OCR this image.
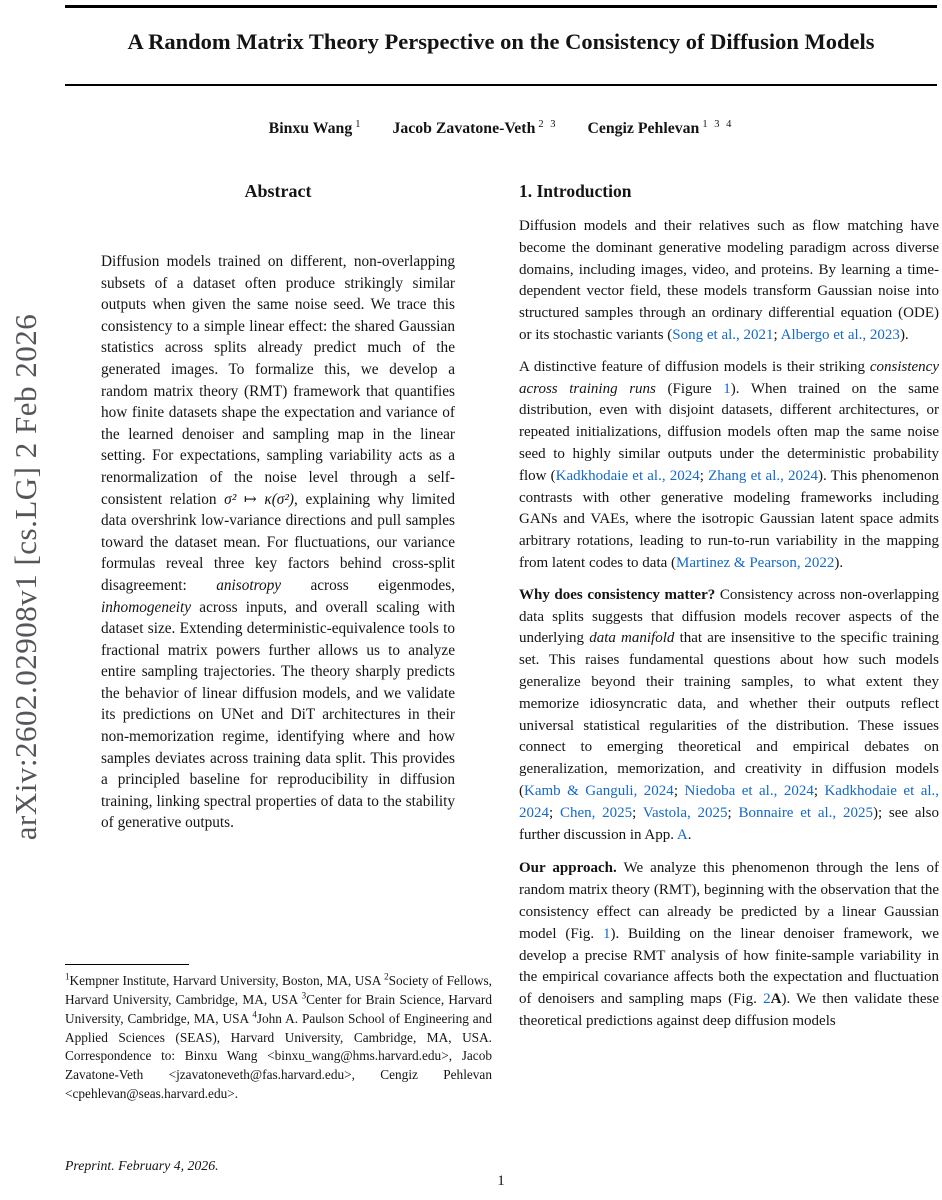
arXiv:2602.02908v1 [cs.LG] 2 Feb 2026
A Random Matrix Theory Perspective on the Consistency of Diffusion Models
Binxu Wang $^1$ Jacob Zavatone-Veth $^{2 3}$ Cengiz Pehlevan $^{1 3 4}$
Abstract

Diffusion models trained on different, non-overlapping subsets of a dataset often produce strikingly similar outputs when given the same noise seed. We trace this consistency to a simple linear effect: the shared Gaussian statistics across splits already predict much of the generated images. To formalize this, we develop a random matrix theory (RMT) framework that quantifies how finite datasets shape the expectation and variance of the learned denoiser and sampling map in the linear setting. For expectations, sampling variability acts as a renormalization of the noise level through a self-consistent relation σ² ↦ κ(σ²), explaining why limited data overshrink low-variance directions and pull samples toward the dataset mean. For fluctuations, our variance formulas reveal three key factors behind cross-split disagreement: anisotropy across eigenmodes, inhomogeneity across inputs, and overall scaling with dataset size. Extending deterministic-equivalence tools to fractional matrix powers further allows us to analyze entire sampling trajectories. The theory sharply predicts the behavior of linear diffusion models, and we validate its predictions on UNet and DiT architectures in their non-memorization regime, identifying where and how samples deviates across training data split. This provides a principled baseline for reproducibility in diffusion training, linking spectral properties of data to the stability of generative outputs.

1. Introduction

Diffusion models and their relatives such as flow matching have become the dominant generative modeling paradigm across diverse domains, including images, video, and proteins. By learning a time-dependent vector field, these models transform Gaussian noise into structured samples through an ordinary differential equation (ODE) or its stochastic variants (Song et al., 2021; Albergo et al., 2023).

A distinctive feature of diffusion models is their striking consistency across training runs (Figure 1). When trained on the same distribution, even with disjoint datasets, different architectures, or repeated initializations, diffusion models often map the same noise seed to highly similar outputs under the deterministic probability flow (Kadkhodaie et al., 2024; Zhang et al., 2024). This phenomenon contrasts with other generative modeling frameworks including GANs and VAEs, where the isotropic Gaussian latent space admits arbitrary rotations, leading to run-to-run variability in the mapping from latent codes to data (Martinez & Pearson, 2022).

Why does consistency matter? Consistency across non-overlapping data splits suggests that diffusion models recover aspects of the underlying data manifold that are insensitive to the specific training set. This raises fundamental questions about how such models generalize beyond their training samples, to what extent they memorize idiosyncratic data, and whether their outputs reflect universal statistical regularities of the distribution. These issues connect to emerging theoretical and empirical debates on generalization, memorization, and creativity in diffusion models (Kamb & Ganguli, 2024; Niedoba et al., 2024; Kadkhodaie et al., 2024; Chen, 2025; Vastola, 2025; Bonnaire et al., 2025); see also further discussion in App. A.

Our approach. We analyze this phenomenon through the lens of random matrix theory (RMT), beginning with the observation that the consistency effect can already be predicted by a linear Gaussian model (Fig. 1). Building on the linear denoiser framework, we develop a precise RMT analysis of how finite-sample variability in the empirical covariance affects both the expectation and fluctuation of denoisers and sampling maps (Fig. 2A). We then validate these theoretical predictions against deep diffusion models

$^1$Kempner Institute, Harvard University, Boston, MA, USA $^2$Society of Fellows, Harvard University, Cambridge, MA, USA $^3$Center for Brain Science, Harvard University, Cambridge, MA, USA $^4$John A. Paulson School of Engineering and Applied Sciences (SEAS), Harvard University, Cambridge, MA, USA. Correspondence to: Binxu Wang <binxu_wang@hms.harvard.edu>, Jacob Zavatone-Veth <jzavatoneveth@fas.harvard.edu>, Cengiz Pehlevan <cpehlevan@seas.harvard.edu>.

Preprint. February 4, 2026.
1
